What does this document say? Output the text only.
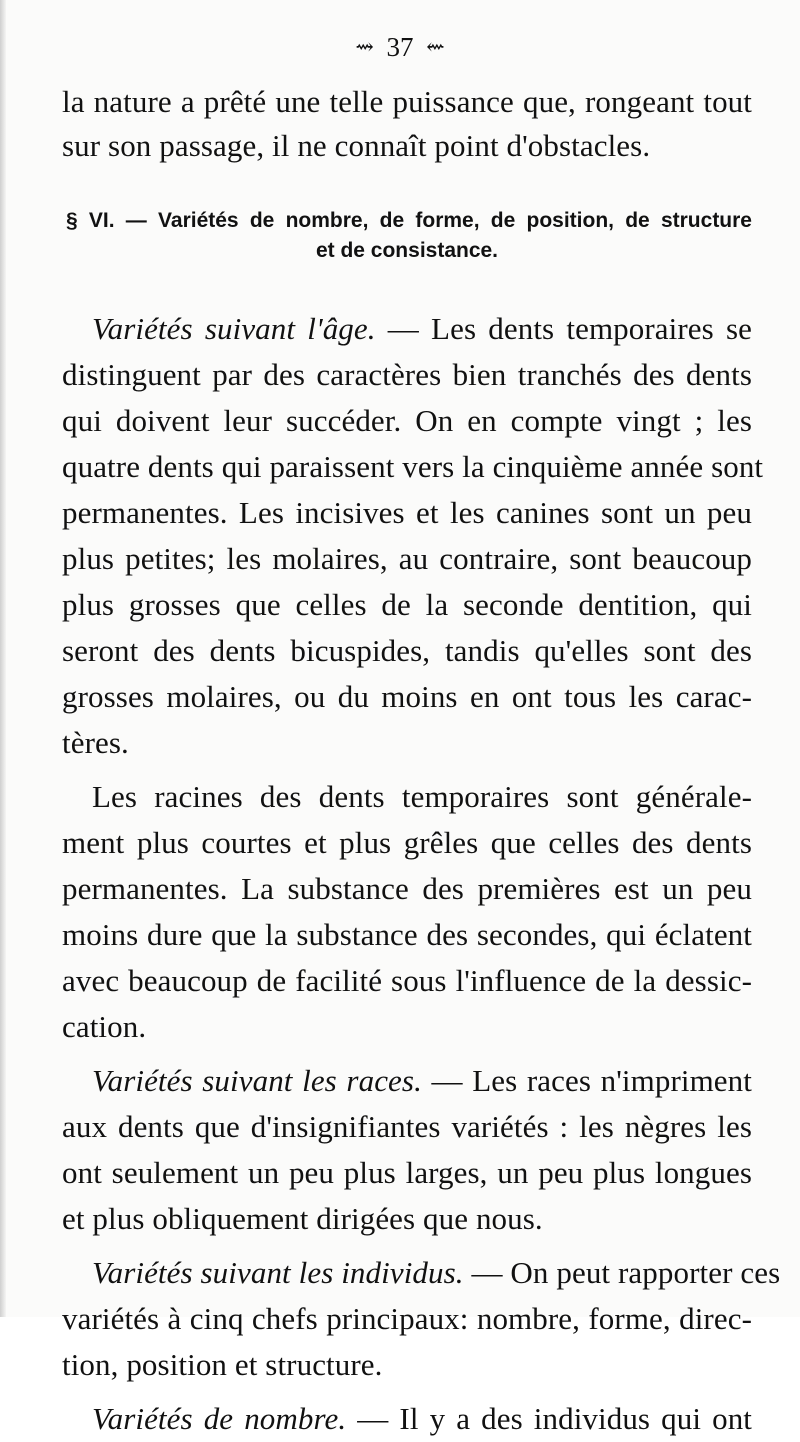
⇝ 37 ⇜
la nature a prêté une telle puissance que, rongeant tout
sur son passage, il ne connaît point d'obstacles.
§ VI. — Variétés de nombre, de forme, de position, de structure
et de consistance.
Variétés suivant l'âge. — Les dents temporaires se
distinguent par des caractères bien tranchés des dents
qui doivent leur succéder. On en compte vingt ; les
quatre dents qui paraissent vers la cinquième année sont
permanentes. Les incisives et les canines sont un peu
plus petites; les molaires, au contraire, sont beaucoup
plus grosses que celles de la seconde dentition, qui
seront des dents bicuspides, tandis qu'elles sont des
grosses molaires, ou du moins en ont tous les carac-
tères.
Les racines des dents temporaires sont générale-
ment plus courtes et plus grêles que celles des dents
permanentes. La substance des premières est un peu
moins dure que la substance des secondes, qui éclatent
avec beaucoup de facilité sous l'influence de la dessic-
cation.
Variétés suivant les races. — Les races n'impriment
aux dents que d'insignifiantes variétés : les nègres les
ont seulement un peu plus larges, un peu plus longues
et plus obliquement dirigées que nous.
Variétés suivant les individus. — On peut rapporter ces
variétés à cinq chefs principaux: nombre, forme, direc-
tion, position et structure.
Variétés de nombre. — Il y a des individus qui ont
